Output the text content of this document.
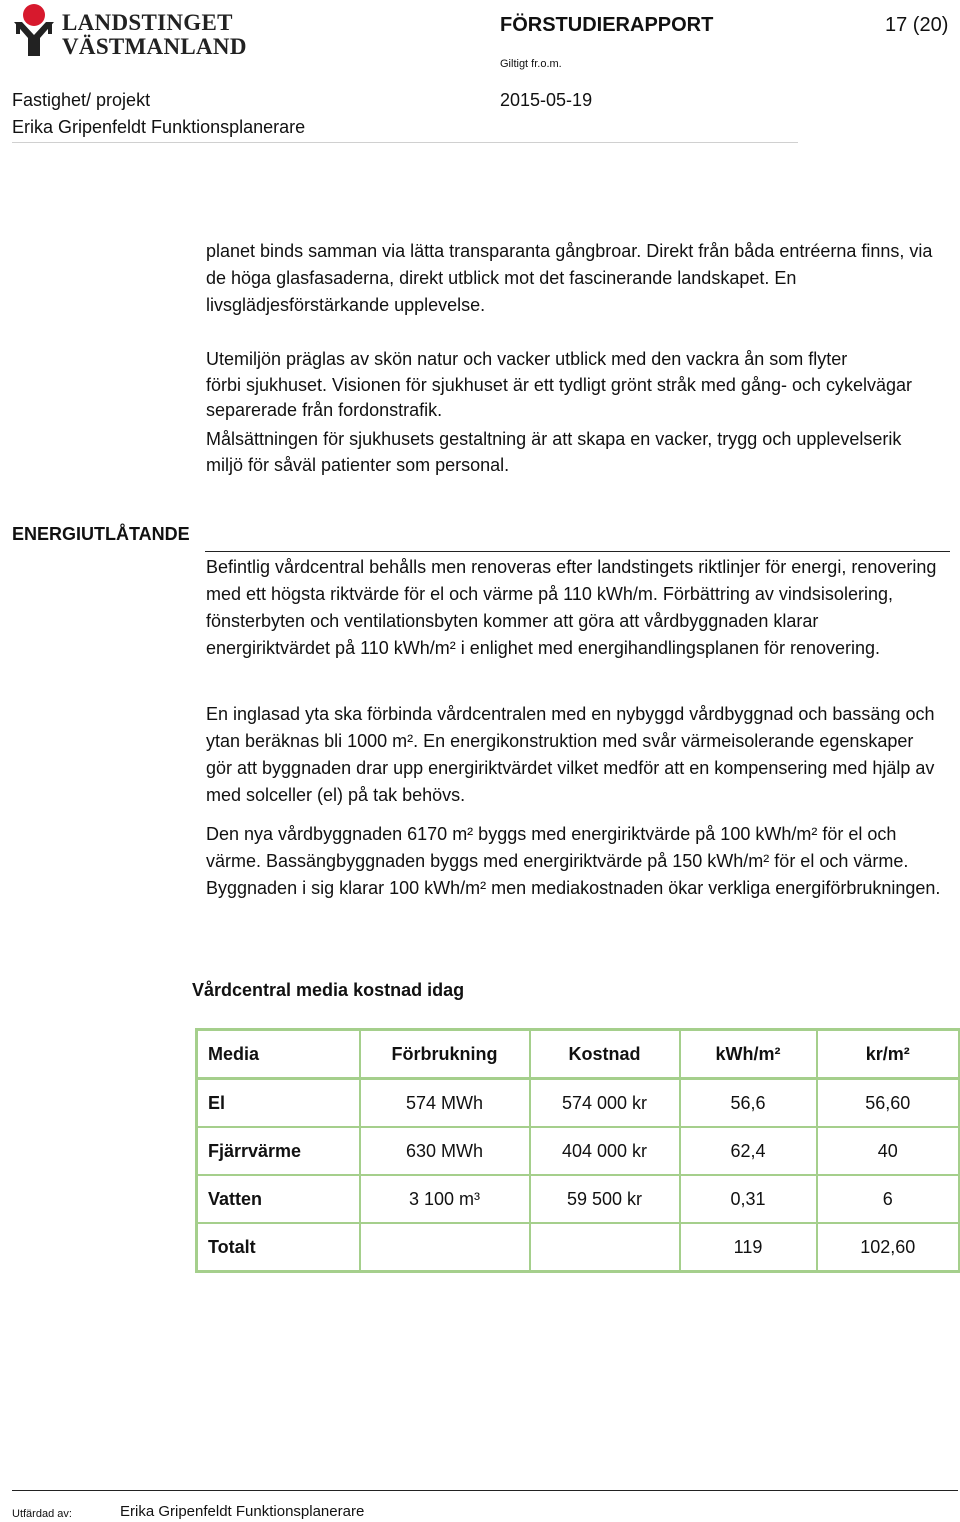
LANDSTINGET
VÄSTMANLAND
FÖRSTUDIERAPPORT	17 (20)
Giltigt fr.o.m.
Fastighet/ projekt	2015-05-19
Erika Gripenfeldt Funktionsplanerare
planet binds samman via lätta transparanta gångbroar. Direkt från båda entréerna finns, via de höga glasfasaderna, direkt utblick mot det fascinerande landskapet. En livsglädjesförstärkande upplevelse.
Utemiljön präglas av skön natur och vacker utblick med den vackra ån som flyter
förbi sjukhuset. Visionen för sjukhuset är ett tydligt grönt stråk med gång- och cykelvägar separerade från fordonstrafik.
Målsättningen för sjukhusets gestaltning är att skapa en vacker, trygg och upplevelserik miljö för såväl patienter som personal.
ENERGIUTLÅTANDE
Befintlig vårdcentral behålls men renoveras efter landstingets riktlinjer för energi, renovering med ett högsta riktvärde för el och värme på 110 kWh/m. Förbättring av vindsisolering, fönsterbyten och ventilationsbyten kommer att göra att vårdbyggnaden klarar energiriktvärdet på 110 kWh/m² i enlighet med energihandlingsplanen för renovering.
En inglasad yta ska förbinda vårdcentralen med en nybyggd vårdbyggnad och bassäng och ytan beräknas bli 1000 m². En energikonstruktion med svår värmeisolerande egenskaper gör att byggnaden drar upp energiriktvärdet vilket medför att en kompensering med hjälp av med solceller (el) på tak behövs.
Den nya vårdbyggnaden 6170 m² byggs med energiriktvärde på 100 kWh/m² för el och värme. Bassängbyggnaden byggs med energiriktvärde på 150 kWh/m² för el och värme. Byggnaden i sig klarar 100 kWh/m² men mediakostnaden ökar verkliga energiförbrukningen.
Vårdcentral media kostnad idag
Media	Förbrukning	Kostnad	kWh/m²	kr/m²
El	574 MWh	574 000 kr	56,6	56,60
Fjärrvärme	630 MWh	404 000 kr	62,4	40
Vatten	3 100 m³	59 500 kr	0,31	6
Totalt			119	102,60
Utfärdad av:	Erika Gripenfeldt Funktionsplanerare
